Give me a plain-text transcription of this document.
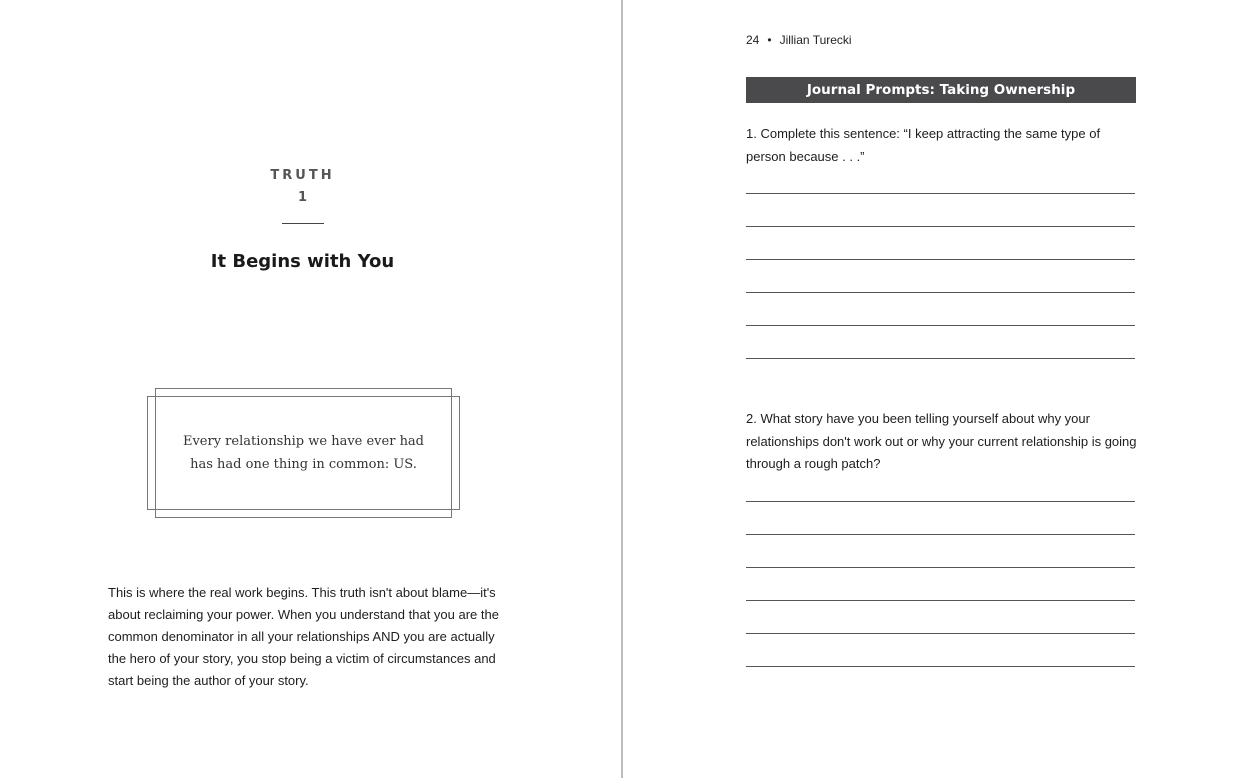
TRUTH
1
It Begins with You
Every relationship we have ever had
has had one thing in common: US.
This is where the real work begins. This truth isn't about blame—it's
about reclaiming your power. When you understand that you are the
common denominator in all your relationships AND you are actually
the hero of your story, you stop being a victim of circumstances and
start being the author of your story.
24 • Jillian Turecki
Journal Prompts: Taking Ownership
1. Complete this sentence: “I keep attracting the same type of
person because . . .”
2. What story have you been telling yourself about why your
relationships don't work out or why your current relationship is going
through a rough patch?
